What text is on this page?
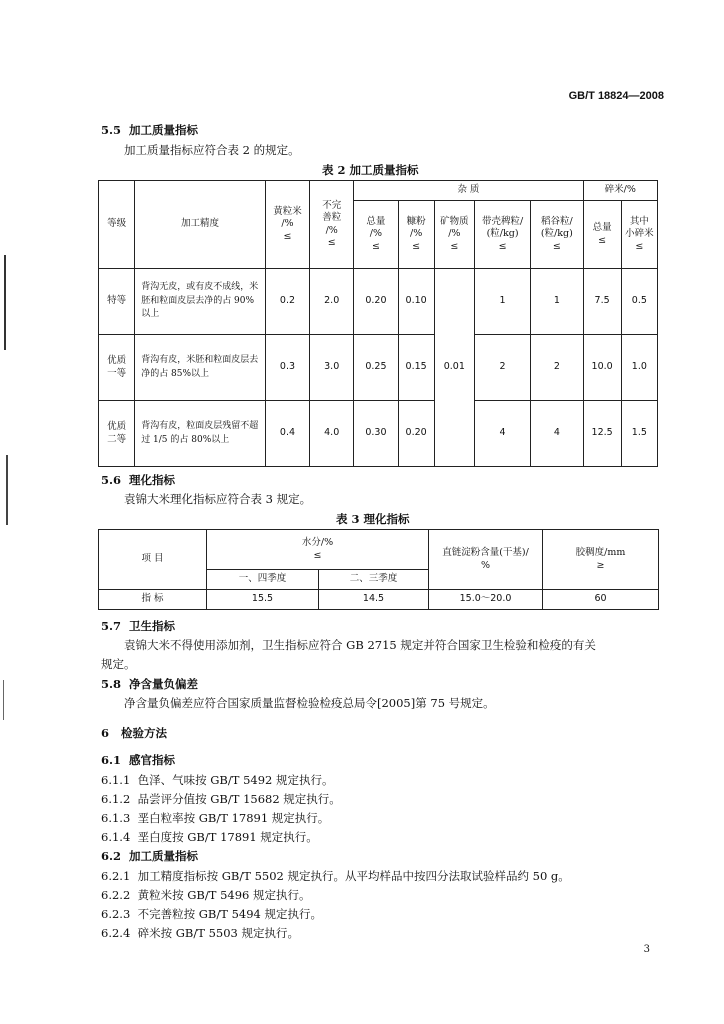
GB/T 18824—2008
5.5 加工质量指标
加工质量指标应符合表 2 的规定。
表 2 加工质量指标
等级	加工精度	黄粒米
/%
≤	不完
善粒
/%
≤	杂 质					碎米/%	
				总量
/%
≤	糠粉
/%
≤	矿物质
/%
≤	带壳稗粒/
(粒/kg)
≤	稻谷粒/
(粒/kg)
≤	总量
≤	其中
小碎米
≤
特等	背沟无皮，或有皮不成线，米胚和粒面皮层去净的占 90%以上	0.2	2.0	0.20	0.10	0.01	1	1	7.5	0.5
优质
一等	背沟有皮，米胚和粒面皮层去净的占 85%以上	0.3	3.0	0.25	0.15		2	2	10.0	1.0
优质
二等	背沟有皮，粒面皮层残留不超过 1/5 的占 80%以上	0.4	4.0	0.30	0.20		4	4	12.5	1.5
5.6 理化指标
袁锦大米理化指标应符合表 3 规定。
表 3 理化指标
项 目	水分/%
≤		直链淀粉含量(干基)/
%	胶稠度/mm
≥
	一、四季度	二、三季度		
指 标	15.5	14.5	15.0～20.0	60
5.7 卫生指标
袁锦大米不得使用添加剂，卫生指标应符合 GB 2715 规定并符合国家卫生检验和检疫的有关
规定。
5.8 净含量负偏差
净含量负偏差应符合国家质量监督检验检疫总局令[2005]第 75 号规定。
6 检验方法
6.1 感官指标
6.1.1 色泽、气味按 GB/T 5492 规定执行。
6.1.2 品尝评分值按 GB/T 15682 规定执行。
6.1.3 垩白粒率按 GB/T 17891 规定执行。
6.1.4 垩白度按 GB/T 17891 规定执行。
6.2 加工质量指标
6.2.1 加工精度指标按 GB/T 5502 规定执行。从平均样品中按四分法取试验样品约 50 g。
6.2.2 黄粒米按 GB/T 5496 规定执行。
6.2.3 不完善粒按 GB/T 5494 规定执行。
6.2.4 碎米按 GB/T 5503 规定执行。
3
